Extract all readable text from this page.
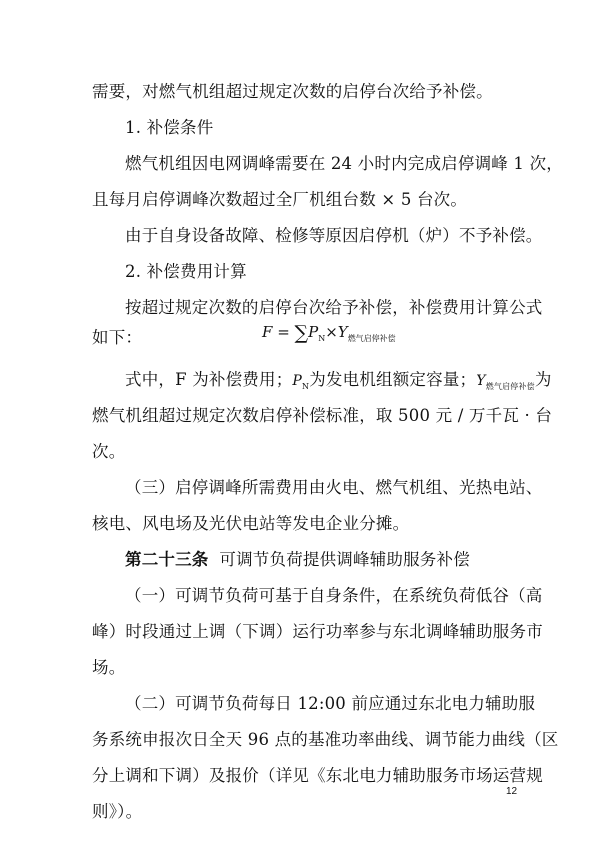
需要，对燃气机组超过规定次数的启停台次给予补偿。
1. 补偿条件
燃气机组因电网调峰需要在 24 小时内完成启停调峰 1 次，
且每月启停调峰次数超过全厂机组台数 × 5 台次。
由于自身设备故障、检修等原因启停机（炉）不予补偿。
2. 补偿费用计算
按超过规定次数的启停台次给予补偿，补偿费用计算公式
如下：	$F = \sum P_N\times Y_{燃气启停补偿}$
式中，F 为补偿费用；$P_N$为发电机组额定容量；$Y_{燃气启停补偿}$为
燃气机组超过规定次数启停补偿标准，取 500 元 / 万千瓦 · 台
次。
（三）启停调峰所需费用由火电、燃气机组、光热电站、
核电、风电场及光伏电站等发电企业分摊。
第二十三条 可调节负荷提供调峰辅助服务补偿
（一）可调节负荷可基于自身条件，在系统负荷低谷（高
峰）时段通过上调（下调）运行功率参与东北调峰辅助服务市
场。
（二）可调节负荷每日 12:00 前应通过东北电力辅助服
务系统申报次日全天 96 点的基准功率曲线、调节能力曲线（区
分上调和下调）及报价（详见《东北电力辅助服务市场运营规
则》）。
12
